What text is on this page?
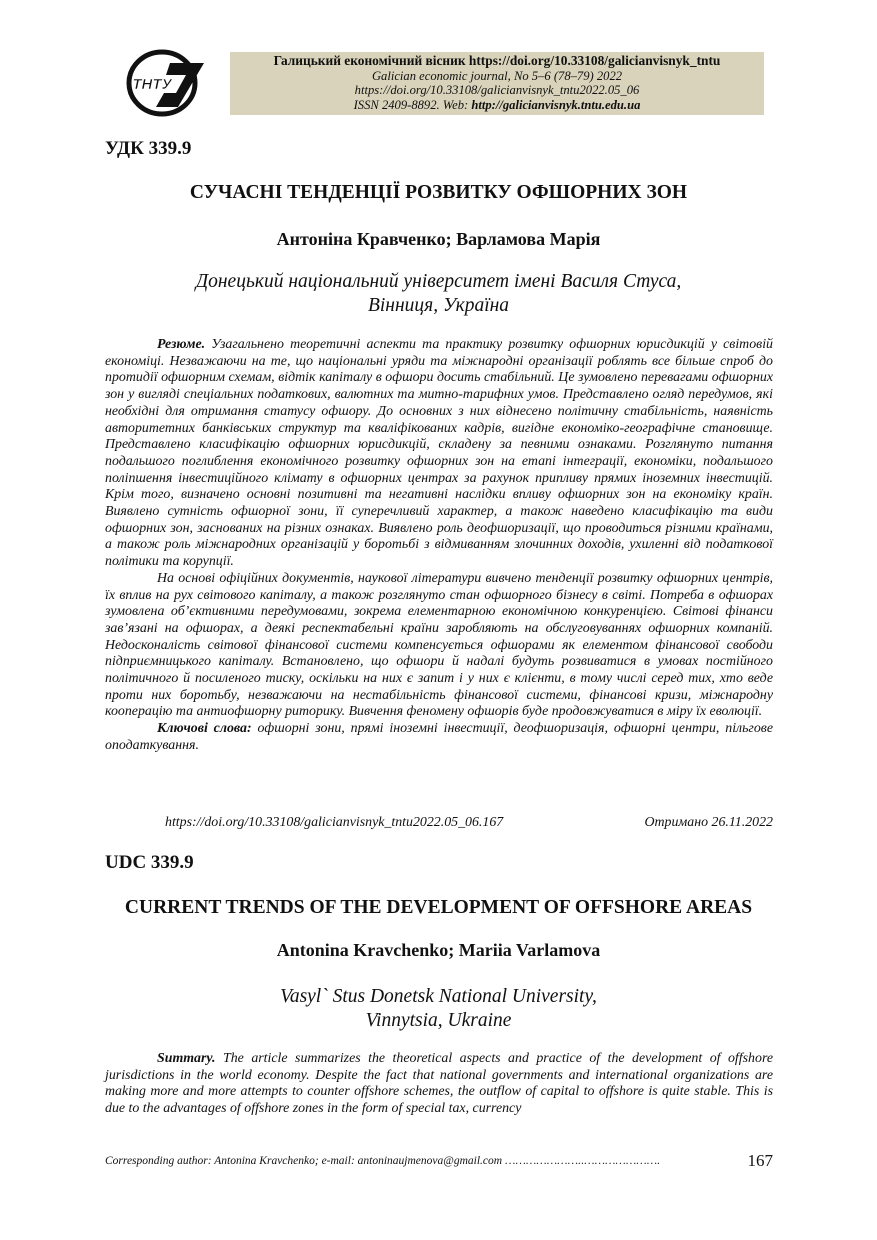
ТНТУ
Галицький економічний вісник https://doi.org/10.33108/galicianvisnyk_tntu
Galician economic journal, No 5–6 (78–79) 2022
https://doi.org/10.33108/galicianvisnyk_tntu2022.05_06
ISSN 2409-8892. Web: http://galicianvisnyk.tntu.edu.ua
УДК 339.9
СУЧАСНІ ТЕНДЕНЦІЇ РОЗВИТКУ ОФШОРНИХ ЗОН
Антоніна Кравченко; Варламова Марія
Донецький національний університет імені Василя Стуса,
Вінниця, Україна

Резюме. Узагальнено теоретичні аспекти та практику розвитку офшорних юрисдикцій у світовій економіці. Незважаючи на те, що національні уряди та міжнародні організації роблять все більше спроб до протидії офшорним схемам, відтік капіталу в офшори досить стабільний. Це зумовлено перевагами офшорних зон у вигляді спеціальних податкових, валютних та митно-тарифних умов. Представлено огляд передумов, які необхідні для отримання статусу офшору. До основних з них віднесено політичну стабільність, наявність авторитетних банківських структур та кваліфікованих кадрів, вигідне економіко-географічне становище. Представлено класифікацію офшорних юрисдикцій, складену за певними ознаками. Розглянуто питання подальшого поглиблення економічного розвитку офшорних зон на етапі інтеграції, економіки, подальшого поліпшення інвестиційного клімату в офшорних центрах за рахунок припливу прямих іноземних інвестицій. Крім того, визначено основні позитивні та негативні наслідки впливу офшорних зон на економіку країн. Виявлено сутність офшорної зони, її суперечливий характер, а також наведено класифікацію та види офшорних зон, заснованих на різних ознаках. Виявлено роль деофшоризації, що проводиться різними країнами, а також роль міжнародних організацій у боротьбі з відмиванням злочинних доходів, ухиленні від податкової політики та корупції.

На основі офіційних документів, наукової літератури вивчено тенденції розвитку офшорних центрів, їх вплив на рух світового капіталу, а також розглянуто стан офшорного бізнесу в світі. Потреба в офшорах зумовлена об’єктивними передумовами, зокрема елементарною економічною конкуренцією. Світові фінанси зав’язані на офшорах, а деякі респектабельні країни заробляють на обслуговуваннях офшорних компаній. Недосконалість світової фінансової системи компенсується офшорами як елементом фінансової свободи підприємницького капіталу. Встановлено, що офшори й надалі будуть розвиватися в умовах постійного політичного й посиленого тиску, оскільки на них є запит і у них є клієнти, в тому числі серед тих, хто веде проти них боротьбу, незважаючи на нестабільність фінансової системи, фінансові кризи, міжнародну кооперацію та антиофшорну риторику. Вивчення феномену офшорів буде продовжуватися в міру їх еволюції.

Ключові слова: офшорні зони, прямі іноземні інвестиції, деофшоризація, офшорні центри, пільгове оподаткування.

https://doi.org/10.33108/galicianvisnyk_tntu2022.05_06.167	Отримано 26.11.2022
UDC 339.9
CURRENT TRENDS OF THE DEVELOPMENT OF OFFSHORE AREAS
Antonina Kravchenko; Mariia Varlamova
Vasyl` Stus Donetsk National University,
Vinnytsia, Ukraine

Summary. The article summarizes the theoretical aspects and practice of the development of offshore jurisdictions in the world economy. Despite the fact that national governments and international organizations are making more and more attempts to counter offshore schemes, the outflow of capital to offshore is quite stable. This is due to the advantages of offshore zones in the form of special tax, currency

Corresponding author: Antonina Kravchenko; e-mail: antoninaujmenova@gmail.com …………………..………………….	167
